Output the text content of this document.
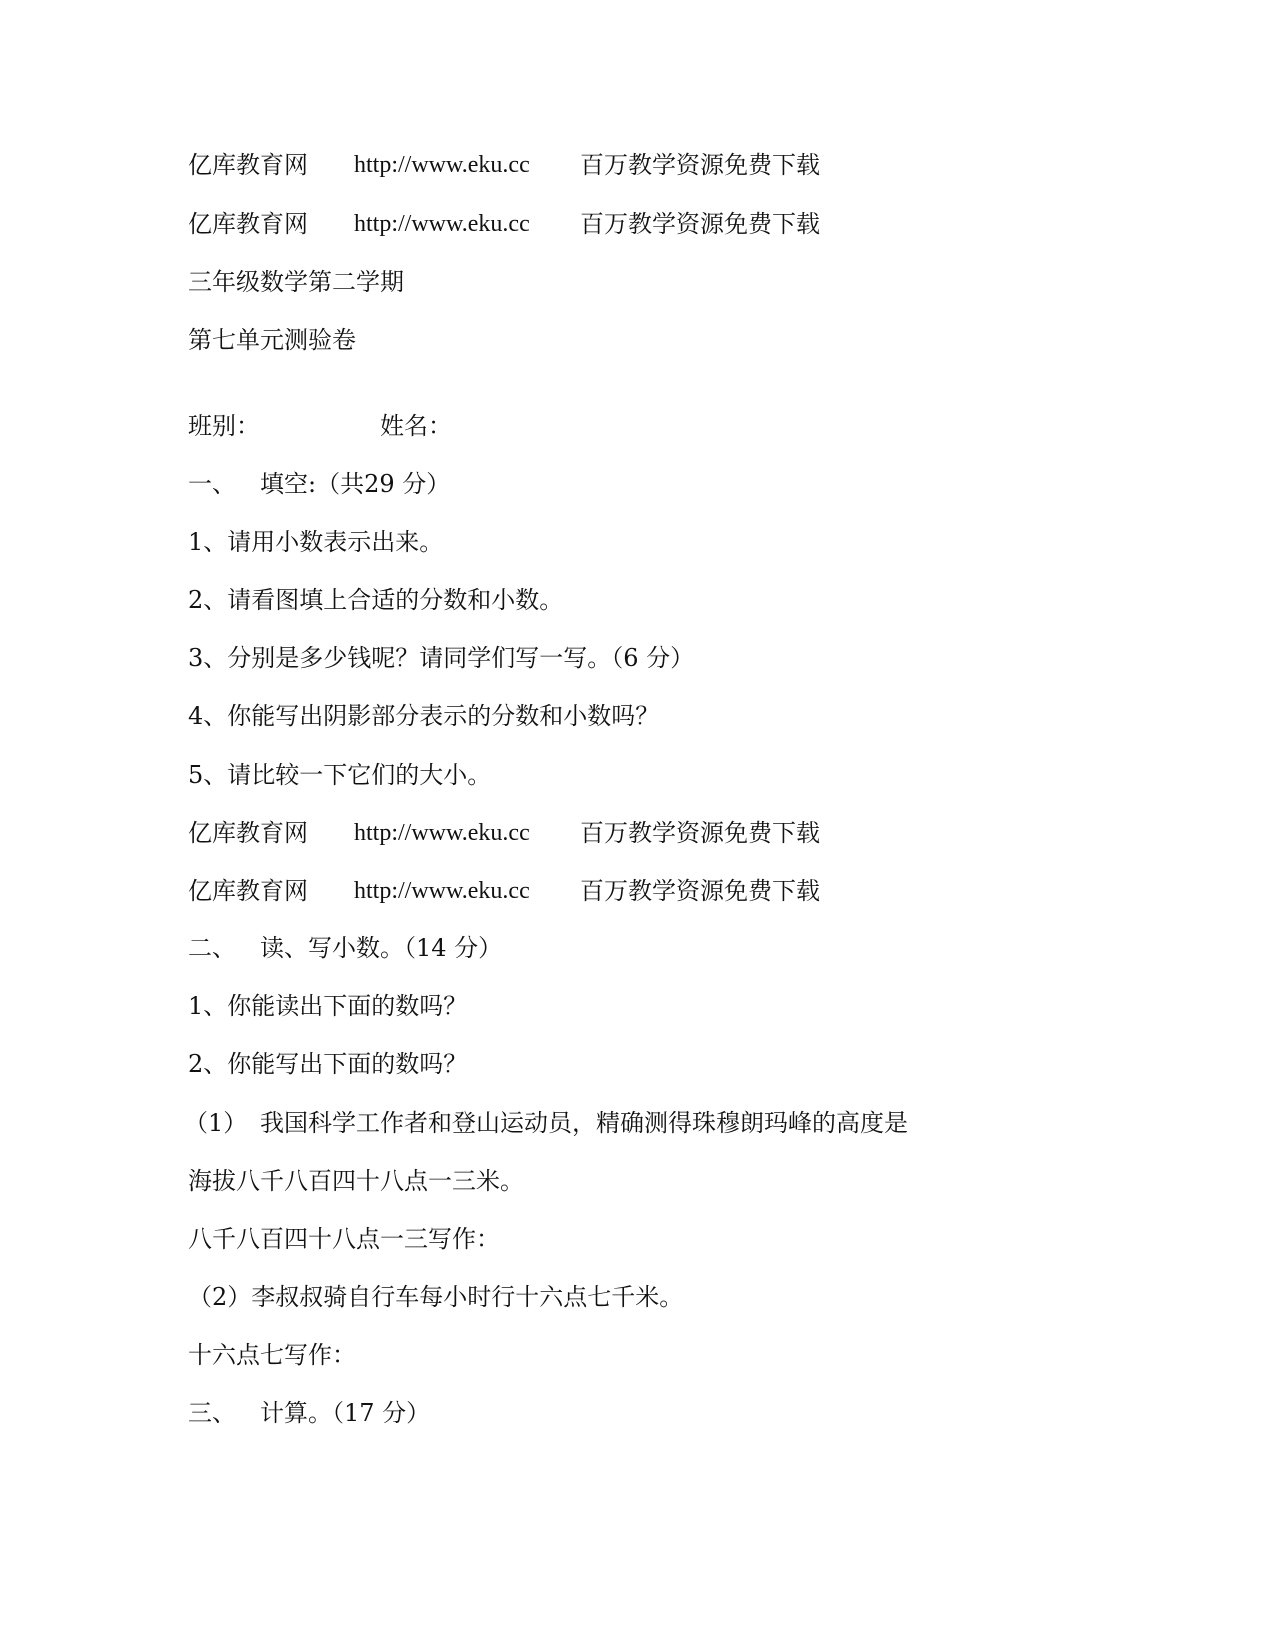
亿库教育网 http://www.eku.cc 百万教学资源免费下载
亿库教育网 http://www.eku.cc 百万教学资源免费下载
三年级数学第二学期
第七单元测验卷
班别：	姓名：
一、 填空:（共29 分）
1、请用小数表示出来。
2、请看图填上合适的分数和小数。
3、分别是多少钱呢？请同学们写一写。（6 分）
4、你能写出阴影部分表示的分数和小数吗？
5、请比较一下它们的大小。
亿库教育网 http://www.eku.cc 百万教学资源免费下载
亿库教育网 http://www.eku.cc 百万教学资源免费下载
二、 读、写小数。（14 分）
1、你能读出下面的数吗？
2、你能写出下面的数吗？
（1） 我国科学工作者和登山运动员，精确测得珠穆朗玛峰的高度是
海拔八千八百四十八点一三米。
八千八百四十八点一三写作：
（2）李叔叔骑自行车每小时行十六点七千米。
十六点七写作：
三、 计算。（17 分）
